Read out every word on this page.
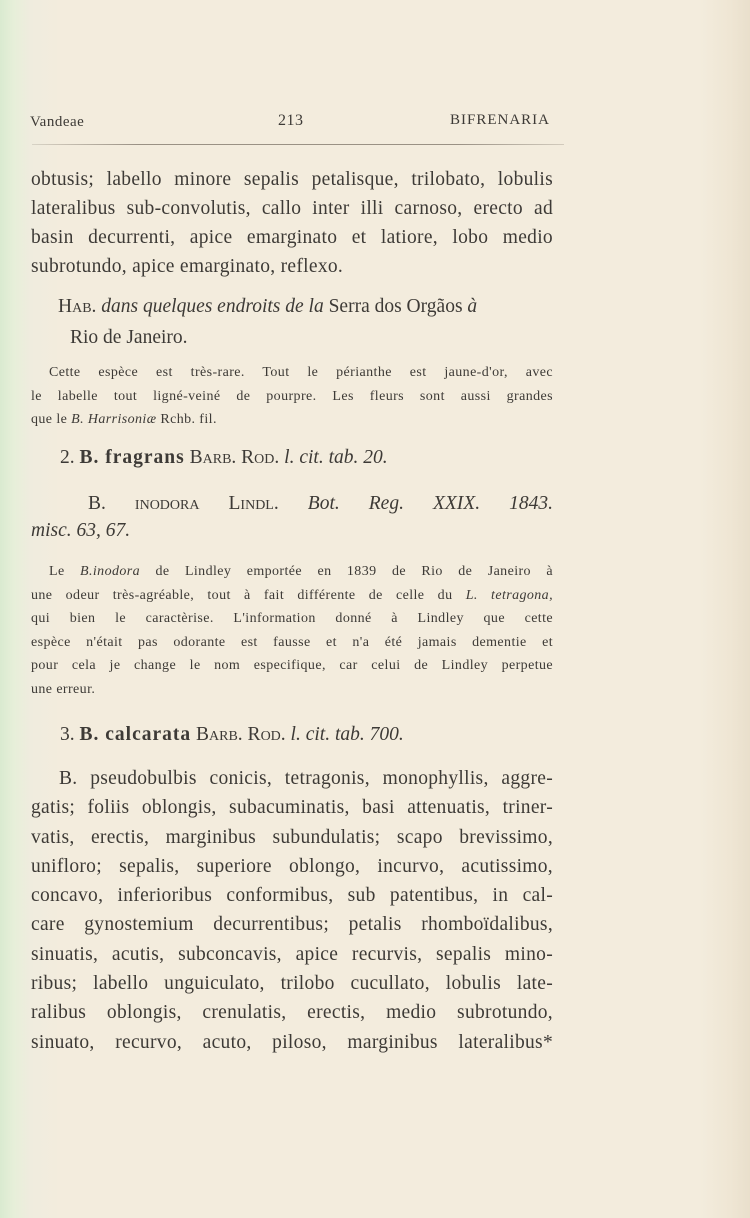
Vandeae	213	BIFRENARIA
obtusis; labello minore sepalis petalisque, trilobato, lobulis
lateralibus sub-convolutis, callo inter illi carnoso, erecto ad
basin decurrenti, apice emarginato et latiore, lobo medio
subrotundo, apice emarginato, reflexo.
Hab. dans quelques endroits de la Serra dos Orgãos à
Rio de Janeiro.
Cette espèce est très-rare. Tout le périanthe est jaune-d'or, avec
le labelle tout ligné-veiné de pourpre. Les fleurs sont aussi grandes
que le B. Harrisoniæ Rchb. fil.
2. B. fragrans Barb. Rod. l. cit. tab. 20.
B. inodora Lindl. Bot. Reg. XXIX. 1843.
misc. 63, 67.
Le B.inodora de Lindley emportée en 1839 de Rio de Janeiro à
une odeur très-agréable, tout à fait différente de celle du L. tetragona,
qui bien le caractèrise. L'information donné à Lindley que cette
espèce n'était pas odorante est fausse et n'a été jamais dementie et
pour cela je change le nom especifique, car celui de Lindley perpetue
une erreur.
3. B. calcarata Barb. Rod. l. cit. tab. 700.
B. pseudobulbis conicis, tetragonis, monophyllis, aggre-
gatis; foliis oblongis, subacuminatis, basi attenuatis, triner-
vatis, erectis, marginibus subundulatis; scapo brevissimo,
unifloro; sepalis, superiore oblongo, incurvo, acutissimo,
concavo, inferioribus conformibus, sub patentibus, in cal-
care gynostemium decurrentibus; petalis rhomboïdalibus,
sinuatis, acutis, subconcavis, apice recurvis, sepalis mino-
ribus; labello unguiculato, trilobo cucullato, lobulis late-
ralibus oblongis, crenulatis, erectis, medio subrotundo,
sinuato, recurvo, acuto, piloso, marginibus lateralibus*
